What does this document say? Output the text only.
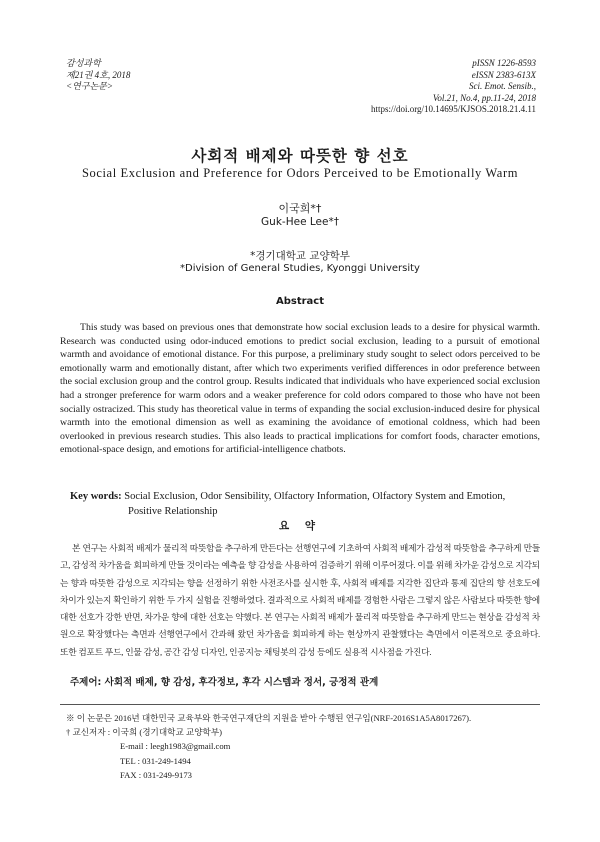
감성과학
제21권 4호, 2018
<연구논문>
pISSN 1226-8593
eISSN 2383-613X
Sci. Emot. Sensib.,
Vol.21, No.4, pp.11-24, 2018
https://doi.org/10.14695/KJSOS.2018.21.4.11
사회적 배제와 따뜻한 향 선호
Social Exclusion and Preference for Odors Perceived to be Emotionally Warm
이국희*†
Guk-Hee Lee*†
*경기대학교 교양학부
*Division of General Studies, Kyonggi University
Abstract

This study was based on previous ones that demonstrate how social exclusion leads to a desire for physical warmth. Research was conducted using odor-induced emotions to predict social exclusion, leading to a pursuit of emotional warmth and avoidance of emotional distance. For this purpose, a preliminary study sought to select odors perceived to be emotionally warm and emotionally distant, after which two experiments verified differences in odor preference between the social exclusion group and the control group. Results indicated that individuals who have experienced social exclusion had a stronger preference for warm odors and a weaker preference for cold odors compared to those who have not been socially ostracized. This study has theoretical value in terms of expanding the social exclusion-induced desire for physical warmth into the emotional dimension as well as examining the avoidance of emotional coldness, which had been overlooked in previous research studies. This also leads to practical implications for comfort foods, character emotions, emotional-space design, and emotions for artificial-intelligence chatbots.

Key words: Social Exclusion, Odor Sensibility, Olfactory Information, Olfactory System and Emotion,
Positive Relationship
요 약

본 연구는 사회적 배제가 물리적 따뜻함을 추구하게 만든다는 선행연구에 기초하여 사회적 배제가 감성적 따뜻함을 추구하게 만들고, 감성적 차가움을 회피하게 만들 것이라는 예측을 향 감성을 사용하여 검증하기 위해 이루어졌다. 이를 위해 차가운 감성으로 지각되는 향과 따뜻한 감성으로 지각되는 향을 선정하기 위한 사전조사를 실시한 후, 사회적 배제를 지각한 집단과 통제 집단의 향 선호도에 차이가 있는지 확인하기 위한 두 가지 실험을 진행하였다. 결과적으로 사회적 배제를 경험한 사람은 그렇지 않은 사람보다 따뜻한 향에 대한 선호가 강한 반면, 차가운 향에 대한 선호는 약했다. 본 연구는 사회적 배제가 물리적 따뜻함을 추구하게 만드는 현상을 감성적 차원으로 확장했다는 측면과 선행연구에서 간과해 왔던 차가움을 회피하게 하는 현상까지 관찰했다는 측면에서 이론적으로 중요하다. 또한 컴포트 푸드, 인물 감성, 공간 감성 디자인, 인공지능 채팅봇의 감성 등에도 실용적 시사점을 가진다.

주제어: 사회적 배제, 향 감성, 후각정보, 후각 시스템과 정서, 긍정적 관계
※ 이 논문은 2016년 대한민국 교육부와 한국연구재단의 지원을 받아 수행된 연구임(NRF-2016S1A5A8017267).
† 교신저자 : 이국희 (경기대학교 교양학부)
E-mail : leegh1983@gmail.com
TEL : 031-249-1494
FAX : 031-249-9173
